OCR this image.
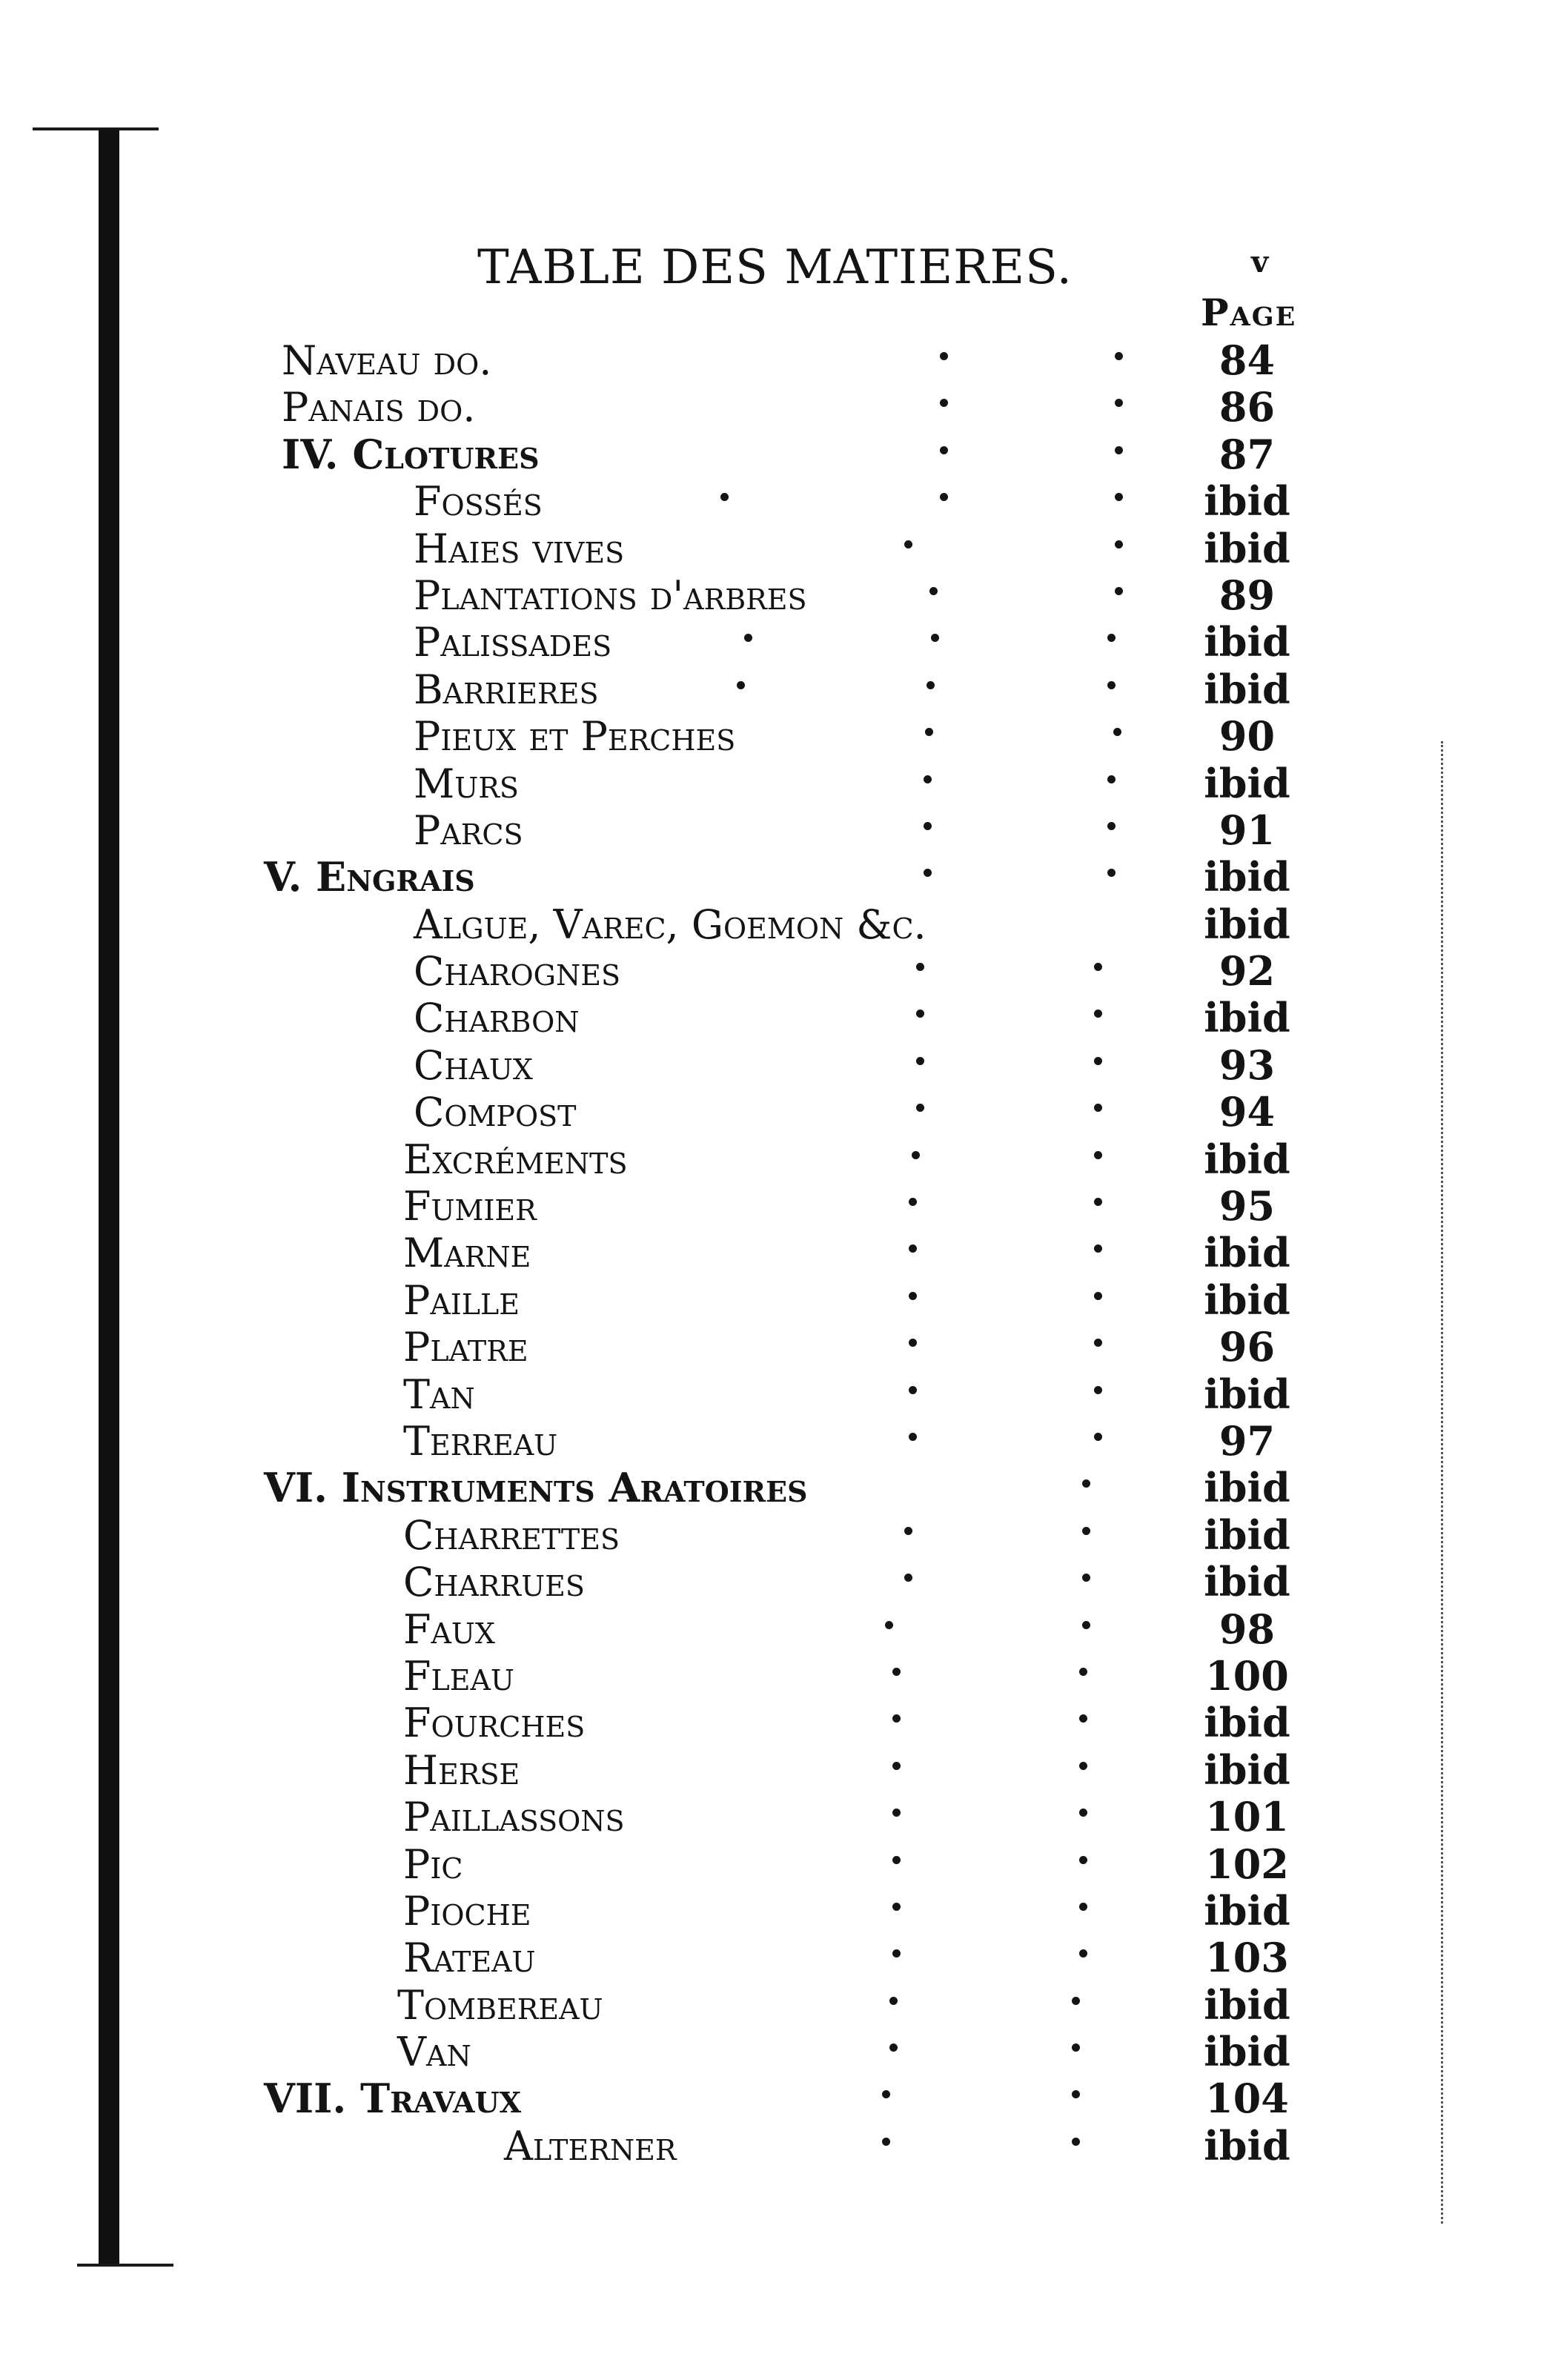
TABLE DES MATIERES.	v
Page
Naveau do.	84
Panais do.	86
IV. Clotures	87
Fossés	ibid
Haies vives	ibid
Plantations d'arbres	89
Palissades	ibid
Barrieres	ibid
Pieux et Perches	90
Murs	ibid
Parcs	91
V. Engrais	ibid
Algue, Varec, Goemon &c.	ibid
Charognes	92
Charbon	ibid
Chaux	93
Compost	94
Excréments	ibid
Fumier	95
Marne	ibid
Paille	ibid
Platre	96
Tan	ibid
Terreau	97
VI. Instruments Aratoires	ibid
Charrettes	ibid
Charrues	ibid
Faux	98
Fleau	100
Fourches	ibid
Herse	ibid
Paillassons	101
Pic	102
Pioche	ibid
Rateau	103
Tombereau	ibid
Van	ibid
VII. Travaux	104
Alterner	ibid
